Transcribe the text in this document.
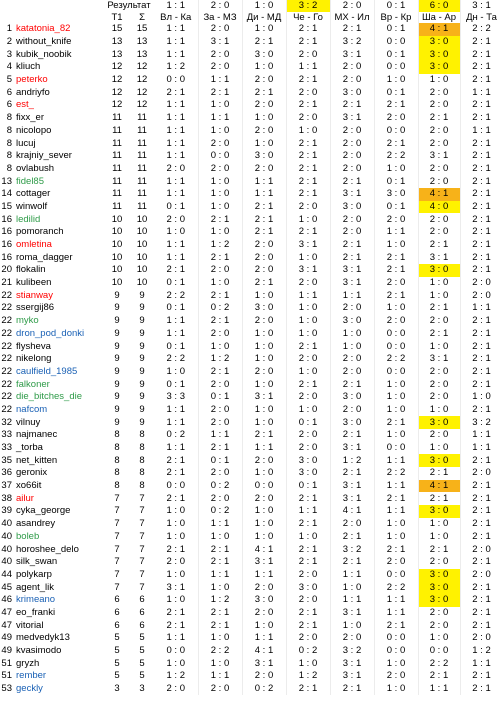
		Результат		1 : 1	2 : 0	1 : 0	3 : 2	2 : 0	0 : 1	6 : 0	3 : 1
		T1	Σ	Вл - Ка	За - МЗ	Ди - МД	Че - Го	МХ - Ил	Вр - Кр	Ша - Ар	Дн - Та
1	katatonia_82	15	15	1 : 1	2 : 0	1 : 0	2 : 1	2 : 1	0 : 1	4 : 1	2 : 2
2	without_knife	13	13	1 : 1	3 : 1	2 : 1	2 : 1	3 : 2	0 : 0	3 : 0	2 : 1
3	kubik_noobik	13	13	1 : 1	2 : 0	3 : 0	2 : 0	3 : 1	0 : 1	3 : 0	2 : 1
4	kliuch	12	12	1 : 2	2 : 0	1 : 0	1 : 1	2 : 0	0 : 0	3 : 0	2 : 1
5	peterko	12	12	0 : 0	1 : 1	2 : 0	2 : 1	2 : 0	1 : 0	1 : 0	2 : 1
6	andriyfo	12	12	2 : 1	2 : 1	2 : 1	2 : 0	3 : 0	0 : 1	2 : 0	1 : 1
6	est_	12	12	1 : 1	1 : 0	2 : 0	2 : 1	2 : 1	2 : 1	2 : 0	2 : 1
8	fixx_er	11	11	1 : 1	1 : 1	1 : 0	2 : 0	3 : 1	2 : 0	2 : 1	2 : 1
8	nicolopo	11	11	1 : 1	1 : 0	2 : 0	1 : 0	2 : 0	0 : 0	2 : 0	1 : 1
8	lucuj	11	11	1 : 1	2 : 0	1 : 0	2 : 1	2 : 0	2 : 1	2 : 0	2 : 1
8	krajniy_sever	11	11	1 : 1	0 : 0	3 : 0	2 : 1	2 : 0	2 : 2	3 : 1	2 : 1
8	ovlabush	11	11	2 : 0	2 : 0	2 : 0	2 : 1	2 : 0	1 : 0	2 : 0	2 : 1
13	fidel85	11	11	1 : 1	1 : 0	1 : 1	2 : 1	2 : 1	0 : 1	2 : 0	2 : 1
14	cottager	11	11	1 : 1	1 : 0	1 : 1	2 : 1	3 : 1	3 : 0	4 : 1	2 : 1
15	winwolf	11	11	0 : 1	1 : 0	2 : 1	2 : 0	3 : 0	0 : 1	4 : 0	2 : 1
16	ledilid	10	10	2 : 0	2 : 1	2 : 1	1 : 0	2 : 0	2 : 0	2 : 0	2 : 1
16	pomoranch	10	10	1 : 0	1 : 0	2 : 1	2 : 1	2 : 0	1 : 1	2 : 0	2 : 1
16	omletina	10	10	1 : 1	1 : 2	2 : 0	3 : 1	2 : 1	1 : 0	2 : 1	2 : 1
16	roma_dagger	10	10	1 : 1	2 : 1	2 : 0	1 : 0	2 : 1	2 : 1	3 : 1	2 : 1
20	flokalin	10	10	2 : 1	2 : 0	2 : 0	3 : 1	3 : 1	2 : 1	3 : 0	2 : 1
21	kulibeen	10	10	0 : 1	1 : 0	2 : 1	2 : 0	3 : 1	2 : 0	1 : 0	2 : 0
22	stianway	9	9	2 : 2	2 : 1	1 : 0	1 : 1	1 : 1	2 : 1	1 : 0	2 : 0
22	ssergij86	9	9	0 : 1	0 : 2	3 : 0	1 : 0	2 : 0	1 : 0	2 : 1	1 : 1
22	myko	9	9	1 : 1	2 : 1	2 : 0	1 : 0	3 : 0	2 : 0	2 : 0	2 : 1
22	dron_pod_donki	9	9	1 : 1	2 : 0	1 : 0	1 : 0	1 : 0	0 : 0	2 : 1	2 : 1
22	flysheva	9	9	0 : 1	1 : 0	1 : 0	2 : 1	1 : 0	0 : 0	1 : 0	2 : 1
22	nikelong	9	9	2 : 2	1 : 2	1 : 0	2 : 0	2 : 0	2 : 2	3 : 1	2 : 1
22	caulfield_1985	9	9	1 : 0	2 : 1	2 : 0	1 : 0	2 : 0	0 : 0	2 : 0	2 : 1
22	falkoner	9	9	0 : 1	2 : 0	1 : 0	2 : 1	2 : 1	1 : 0	2 : 0	2 : 1
22	die_bitches_die	9	9	3 : 3	0 : 1	3 : 1	2 : 0	3 : 0	1 : 0	2 : 0	1 : 0
22	nafcom	9	9	1 : 1	2 : 0	1 : 0	1 : 0	2 : 0	1 : 0	1 : 0	2 : 1
32	vilnuy	9	9	1 : 1	2 : 0	1 : 0	0 : 1	3 : 0	2 : 1	3 : 0	3 : 2
33	najmanec	8	8	0 : 2	1 : 1	2 : 1	2 : 0	2 : 1	1 : 0	2 : 0	1 : 1
33	_torba	8	8	1 : 1	2 : 1	1 : 1	2 : 0	3 : 1	0 : 0	1 : 0	1 : 1
35	net_kitten	8	8	2 : 1	0 : 1	2 : 0	3 : 0	1 : 2	1 : 1	3 : 0	2 : 1
36	geronix	8	8	2 : 1	2 : 0	1 : 0	3 : 0	2 : 1	2 : 2	2 : 1	2 : 0
37	xo66it	8	8	0 : 0	0 : 2	0 : 0	0 : 1	3 : 1	1 : 1	4 : 1	2 : 1
38	ailur	7	7	2 : 1	2 : 0	2 : 0	2 : 1	3 : 1	2 : 1	2 : 1	2 : 1
39	cyka_george	7	7	1 : 0	0 : 2	1 : 0	1 : 1	4 : 1	1 : 1	3 : 0	2 : 1
40	asandrey	7	7	1 : 0	1 : 1	1 : 0	2 : 1	2 : 0	1 : 0	1 : 0	2 : 1
40	boleb	7	7	1 : 0	1 : 0	1 : 0	1 : 0	2 : 1	1 : 0	1 : 0	2 : 1
40	horoshee_delo	7	7	2 : 1	2 : 1	4 : 1	2 : 1	3 : 2	2 : 1	2 : 1	2 : 0
40	silk_swan	7	7	2 : 0	2 : 1	3 : 1	2 : 1	2 : 1	2 : 0	2 : 0	2 : 1
44	polykarp	7	7	1 : 0	1 : 1	1 : 1	2 : 0	1 : 1	0 : 0	3 : 0	2 : 0
45	agent_lik	7	7	3 : 1	1 : 0	2 : 0	3 : 0	1 : 0	2 : 2	3 : 0	2 : 1
46	krimeano	6	6	1 : 0	1 : 2	3 : 0	2 : 0	1 : 1	1 : 1	3 : 0	2 : 1
47	eo_franki	6	6	2 : 1	2 : 1	2 : 0	2 : 1	3 : 1	1 : 1	2 : 0	2 : 1
47	vitorial	6	6	2 : 1	2 : 1	1 : 0	2 : 1	1 : 0	2 : 1	2 : 0	2 : 1
49	medvedyk13	5	5	1 : 1	1 : 0	1 : 1	2 : 0	2 : 0	0 : 0	1 : 0	2 : 0
49	kvasimodo	5	5	0 : 0	2 : 2	4 : 1	0 : 2	3 : 2	0 : 0	0 : 0	1 : 2
51	gryzh	5	5	1 : 0	1 : 0	3 : 1	1 : 0	3 : 1	1 : 0	2 : 2	1 : 1
51	rember	5	5	1 : 2	1 : 1	2 : 0	1 : 2	3 : 1	2 : 0	2 : 1	2 : 1
53	geckly	3	3	2 : 0	2 : 0	0 : 2	2 : 1	2 : 1	1 : 0	1 : 1	2 : 1
